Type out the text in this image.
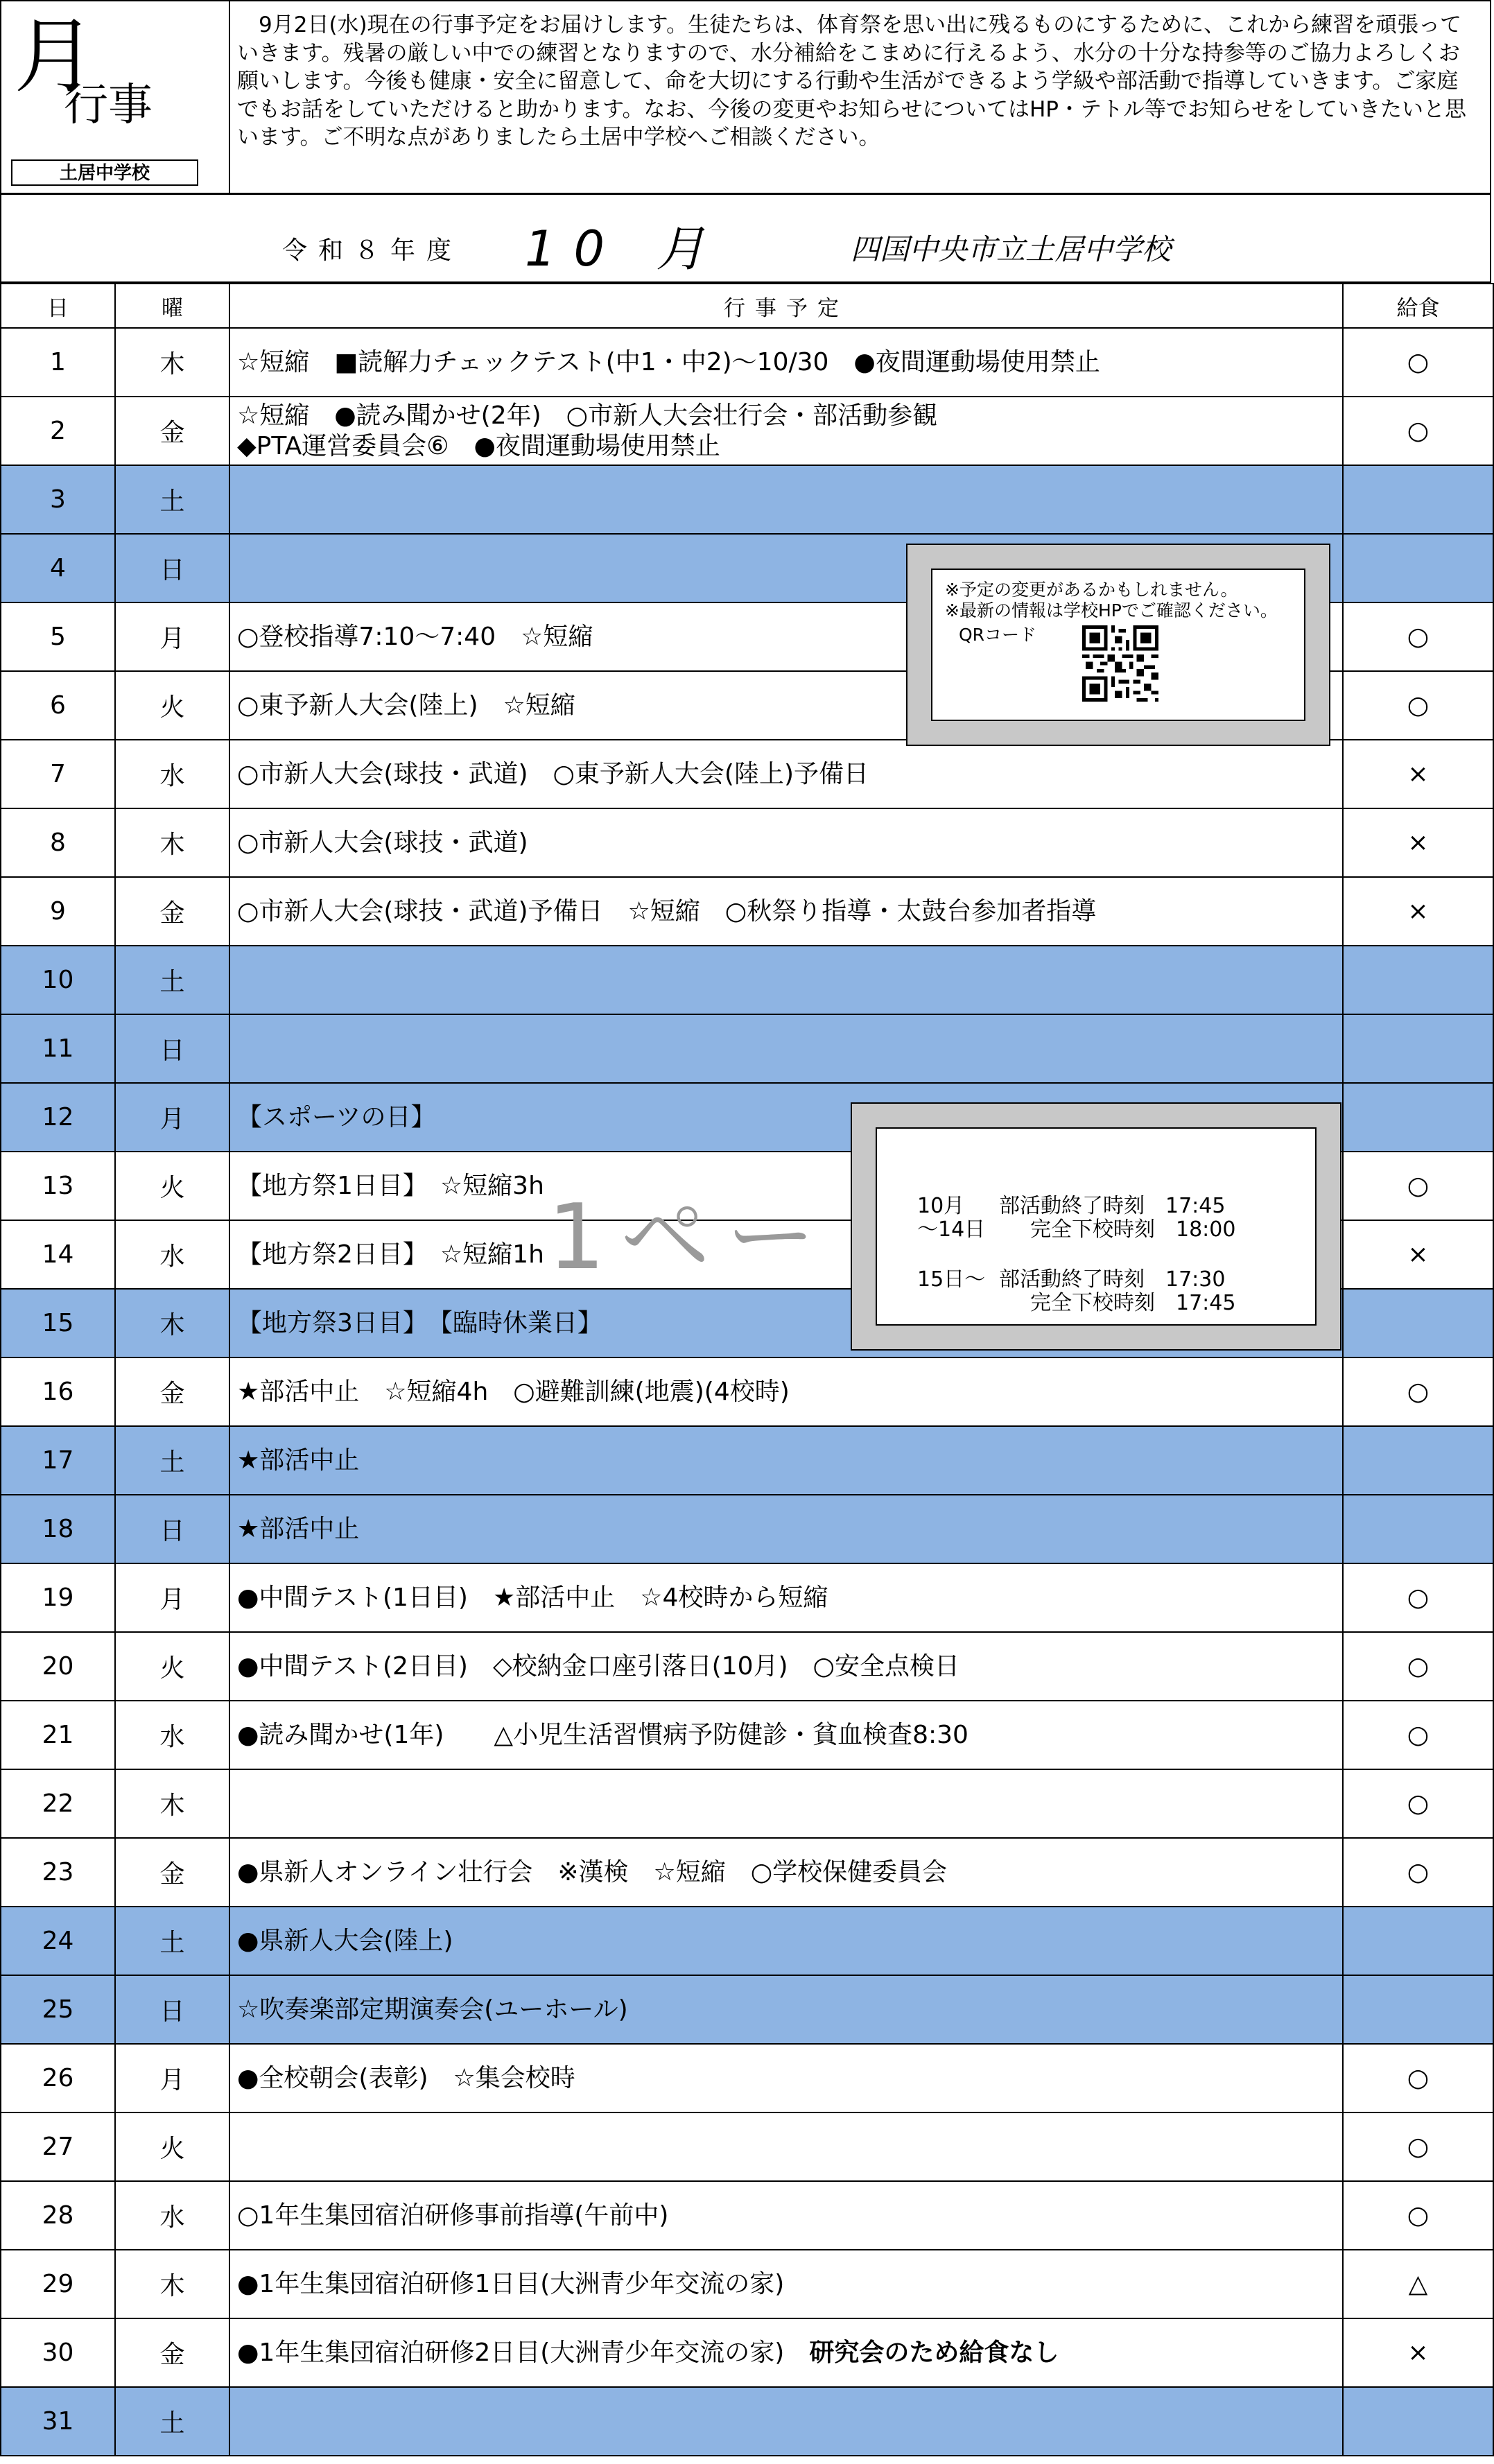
月
行事
土居中学校
9月2日(水)現在の行事予定をお届けします。生徒たちは、体育祭を思い出に残るものにするために、これから練習を頑張っていきます。残暑の厳しい中での練習となりますので、水分補給をこまめに行えるよう、水分の十分な持参等のご協力よろしくお願いします。今後も健康・安全に留意して、命を大切にする行動や生活ができるよう学級や部活動で指導していきます。ご家庭でもお話をしていただけると助かります。なお、今後の変更やお知らせについてはHP・テトル等でお知らせをしていきたいと思います。ご不明な点がありましたら土居中学校へご相談ください。
令和８年度 10 月	四国中央市立土居中学校
日	曜	行事予定	給食
1	木	☆短縮　■読解力チェックテスト(中1・中2)～10/30　●夜間運動場使用禁止	○
2	金	☆短縮　●読み聞かせ(2年)　○市新人大会壮行会・部活動参観
◆PTA運営委員会⑥　●夜間運動場使用禁止	○
3	土	

4	日	

5	月	○登校指導7:10～7:40　☆短縮	○
6	火	○東予新人大会(陸上)　☆短縮	○
7	水	○市新人大会(球技・武道)　○東予新人大会(陸上)予備日	×
8	木	○市新人大会(球技・武道)	×
9	金	○市新人大会(球技・武道)予備日　☆短縮　○秋祭り指導・太鼓台参加者指導	×
10	土	

11	日	

12	月	【スポーツの日】	

13	火	【地方祭1日目】　☆短縮3h	○
14	水	【地方祭2日目】　☆短縮1h	×
15	木	【地方祭3日目】　【臨時休業日】	

16	金	★部活中止　☆短縮4h　○避難訓練(地震)(4校時)	○
17	土	★部活中止	

18	日	★部活中止	

19	月	●中間テスト(1日目)　★部活中止　☆4校時から短縮	○
20	火	●中間テスト(2日目)　◇校納金口座引落日(10月)　○安全点検日	○
21	水	●読み聞かせ(1年)　　△小児生活習慣病予防健診・貧血検査8:30	○
22	木		○
23	金	●県新人オンライン壮行会　※漢検　☆短縮　○学校保健委員会	○
24	土	●県新人大会(陸上)	

25	日	☆吹奏楽部定期演奏会(ユーホール)	

26	月	●全校朝会(表彰)　☆集会校時	○
27	火		○
28	水	○1年生集団宿泊研修事前指導(午前中)	○
29	木	●1年生集団宿泊研修1日目(大洲青少年交流の家)	△
30	金	●1年生集団宿泊研修2日目(大洲青少年交流の家)　 研究会のため給食なし	×
31	土	

※予定の変更があるかもしれません。
※最新の情報は学校HPでご確認ください。
QRコード
1ペー	10月 部活動終了時刻　17:45
～14日 完全下校時刻　18:00
15日～ 部活動終了時刻　17:30
完全下校時刻　17:45
